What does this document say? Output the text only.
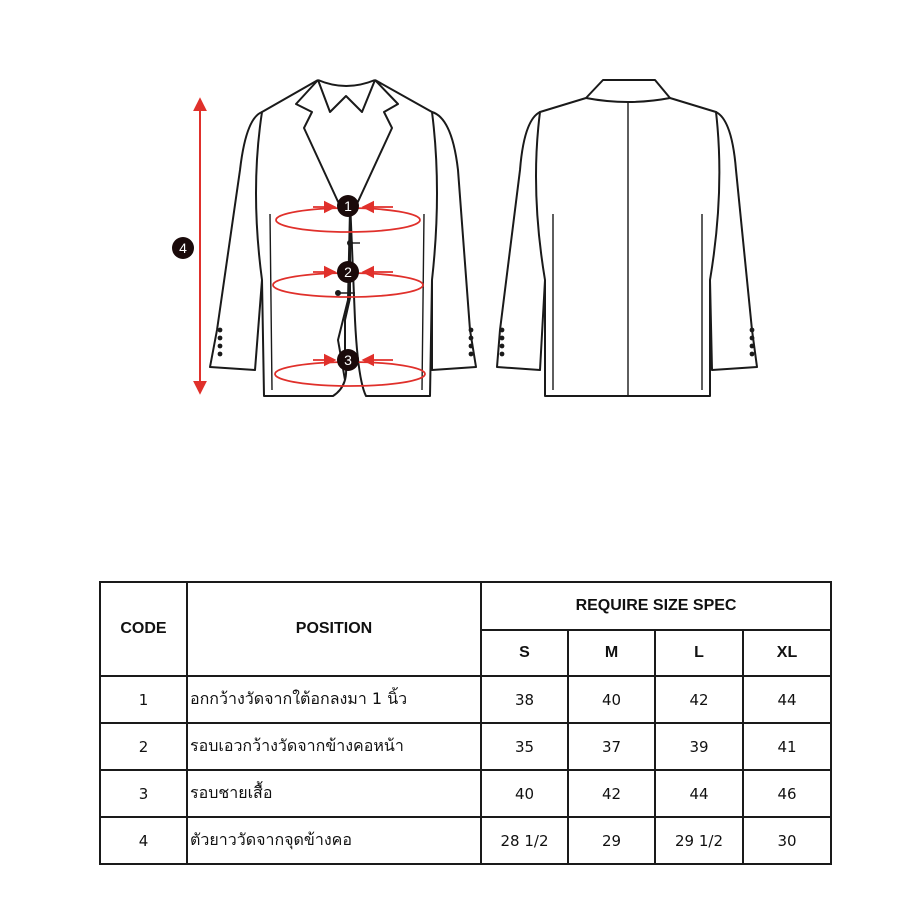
1
2
3
4
CODE	POSITION	REQUIRE SIZE SPEC			
		S	M	L	XL
1	อกกว้างวัดจากใต้อกลงมา 1 นิ้ว	38	40	42	44
2	รอบเอวกว้างวัดจากข้างคอหน้า	35	37	39	41
3	รอบชายเสื้อ	40	42	44	46
4	ตัวยาววัดจากจุดข้างคอ	28 1/2	29	29 1/2	30
